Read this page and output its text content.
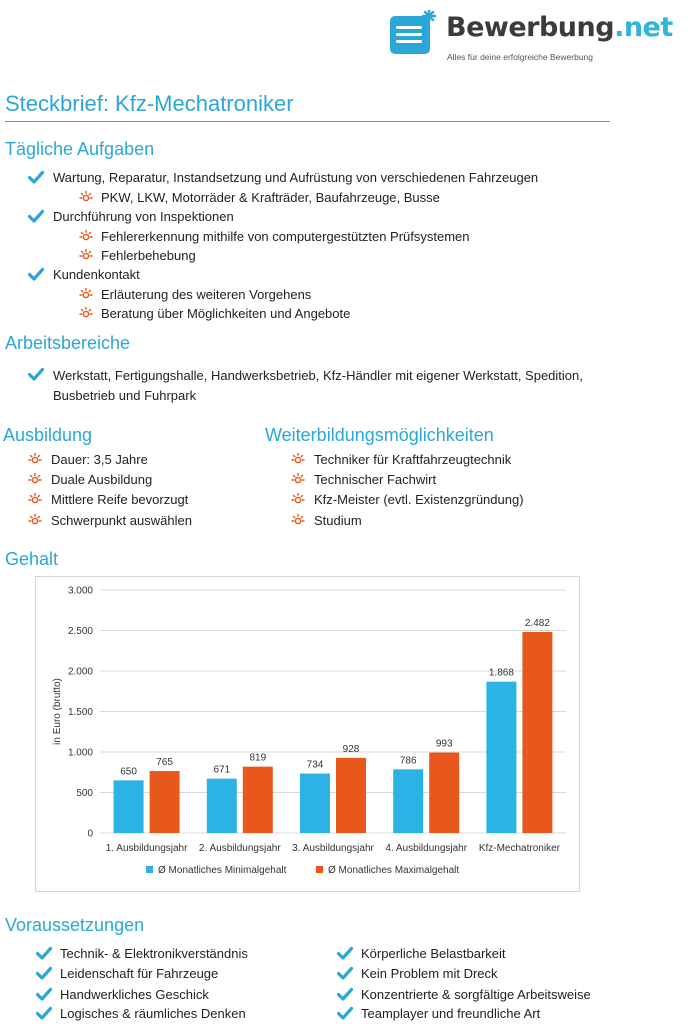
Bewerbung.net
Alles für deine erfolgreiche Bewerbung
Steckbrief: Kfz-Mechatroniker
Tägliche Aufgaben
Wartung, Reparatur, Instandsetzung und Aufrüstung von verschiedenen Fahrzeugen
PKW, LKW, Motorräder & Krafträder, Baufahrzeuge, Busse
Durchführung von Inspektionen
Fehlererkennung mithilfe von computergestützten Prüfsystemen
Fehlerbehebung
Kundenkontakt
Erläuterung des weiteren Vorgehens
Beratung über Möglichkeiten und Angebote
Arbeitsbereiche
Werkstatt, Fertigungshalle, Handwerksbetrieb, Kfz-Händler mit eigener Werkstatt, Spedition, Busbetrieb und Fuhrpark
Ausbildung
Dauer: 3,5 Jahre
Duale Ausbildung
Mittlere Reife bevorzugt
Schwerpunkt auswählen
Weiterbildungsmöglichkeiten
Techniker für Kraftfahrzeugtechnik
Technischer Fachwirt
Kfz-Meister (evtl. Existenzgründung)
Studium
Gehalt
0
500
1.000
1.500
2.000
2.500
3.000
in Euro (brutto)
650
765
1. Ausbildungsjahr
671
819
2. Ausbildungsjahr
734
928
3. Ausbildungsjahr
786
993
4. Ausbildungsjahr
1.868
2.482
Kfz-Mechatroniker
Ø Monatliches Minimalgehalt	Ø Monatliches Maximalgehalt
Voraussetzungen
Technik- & Elektronikverständnis
Leidenschaft für Fahrzeuge
Handwerkliches Geschick
Logisches & räumliches Denken
Körperliche Belastbarkeit
Kein Problem mit Dreck
Konzentrierte & sorgfältige Arbeitsweise
Teamplayer und freundliche Art
